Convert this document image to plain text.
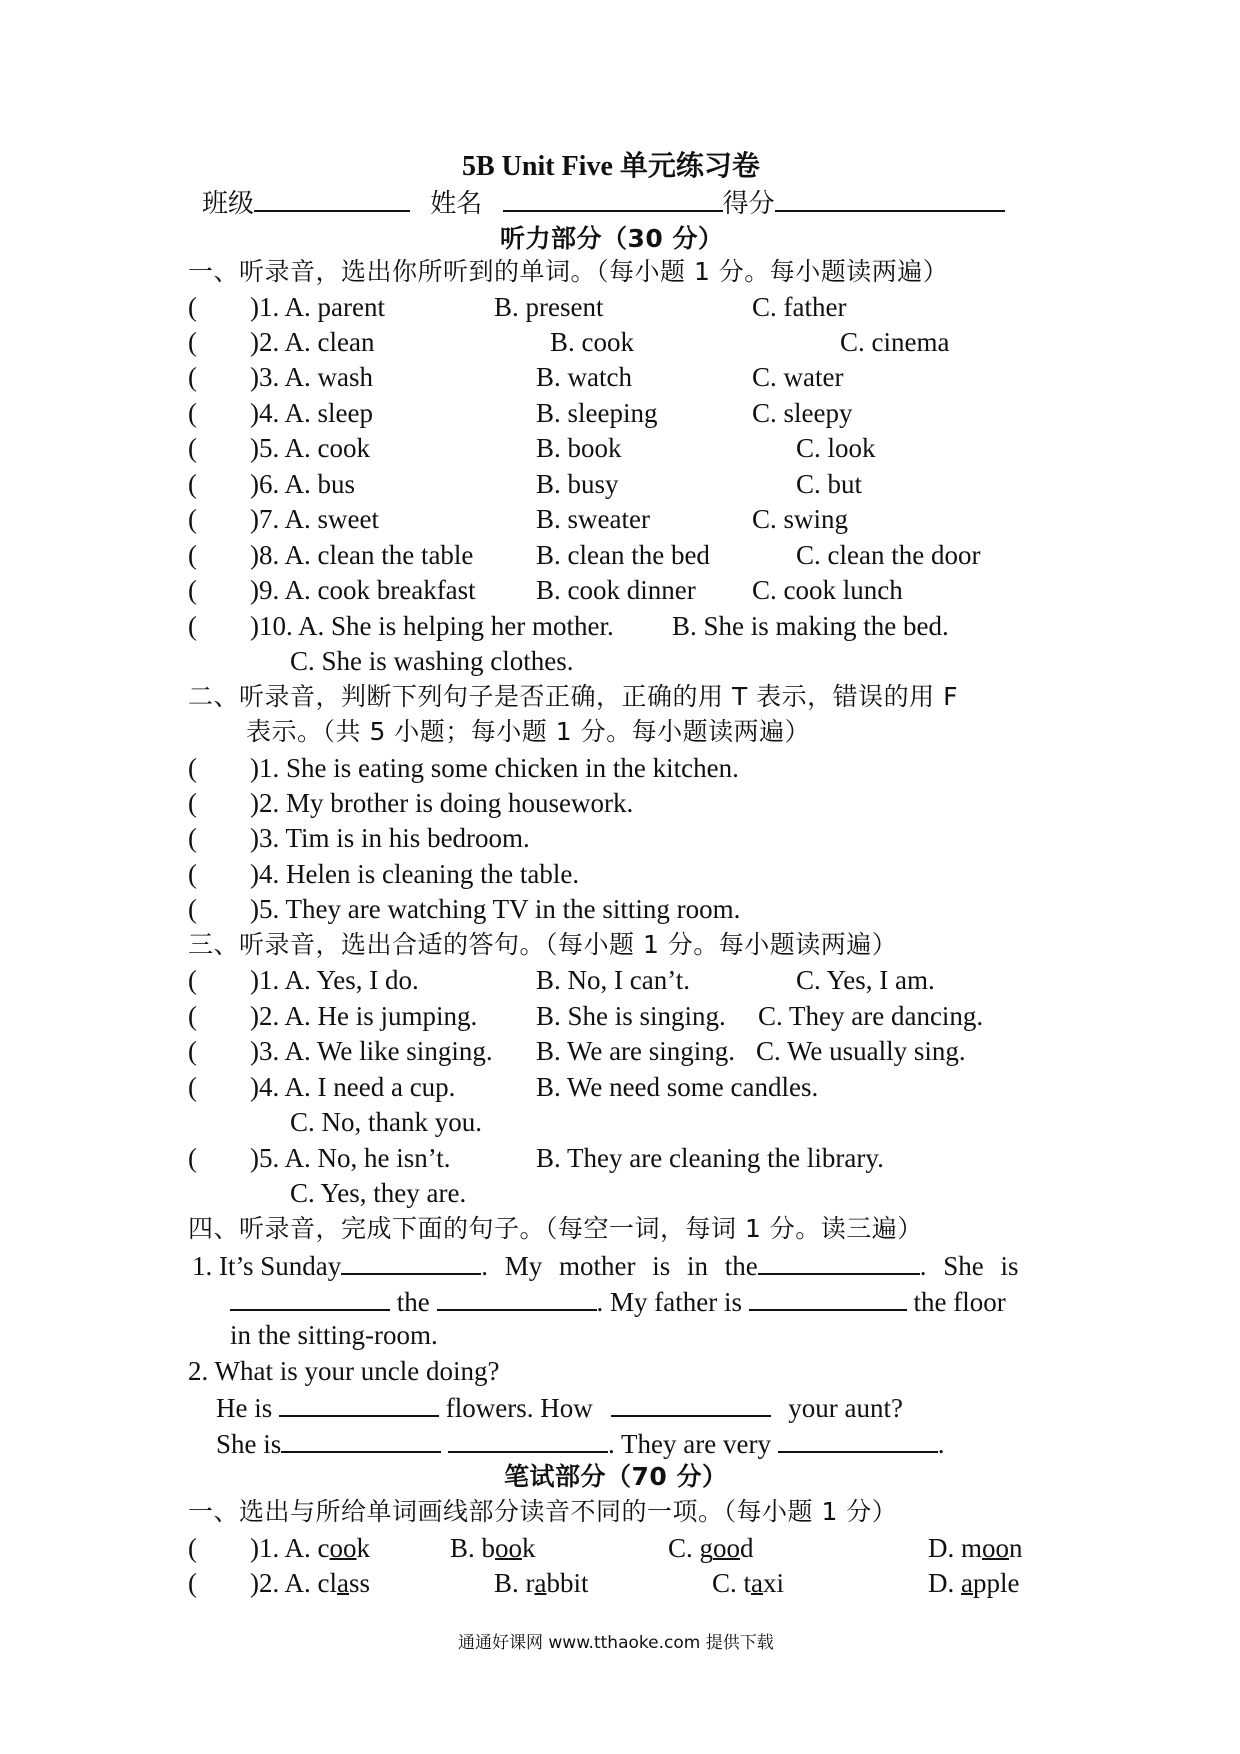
5B Unit Five 单元练习卷
班级	姓名	得分
听力部分（30 分）
一、听录音，选出你所听到的单词。（每小题 1 分。每小题读两遍）
( )1. A. parent	B. present	C. father
( )2. A. clean	B. cook	C. cinema
( )3. A. wash	B. watch	C. water
( )4. A. sleep	B. sleeping	C. sleepy
( )5. A. cook	B. book	C. look
( )6. A. bus	B. busy	C. but
( )7. A. sweet	B. sweater	C. swing
( )8. A. clean the table B. clean the bed	C. clean the door
( )9. A. cook breakfast B. cook dinner C. cook lunch
( )10. A. She is helping her mother. B. She is making the bed.
C. She is washing clothes.
二、听录音，判断下列句子是否正确，正确的用 T 表示，错误的用 F
表示。（共 5 小题；每小题 1 分。每小题读两遍）
( )1. She is eating some chicken in the kitchen.
( )2. My brother is doing housework.
( )3. Tim is in his bedroom.
( )4. Helen is cleaning the table.
( )5. They are watching TV in the sitting room.
三、听录音，选出合适的答句。（每小题 1 分。每小题读两遍）
( )1. A. Yes, I do.	B. No, I can’t.	C. Yes, I am.
( )2. A. He is jumping. B. She is singing. C. They are dancing.
( )3. A. We like singing. B. We are singing. C. We usually sing.
( )4. A. I need a cup.	B. We need some candles.
C. No, thank you.
( )5. A. No, he isn’t.	B. They are cleaning the library.
C. Yes, they are.
四、听录音，完成下面的句子。（每空一词，每词 1 分。读三遍）
1. It’s Sunday	. My mother is in the	. She is
the	. My father is	the floor
in the sitting-room.
2. What is your uncle doing?
He is	flowers. How	your aunt?
She is	. They are very	.
笔试部分（70 分）
一、选出与所给单词画线部分读音不同的一项。（每小题 1 分）
( )1. A. cook	B. book	C. good	D. moon
( )2. A. class	B. rabbit	C. taxi	D. apple
通通好课网 www.tthaoke.com 提供下载
